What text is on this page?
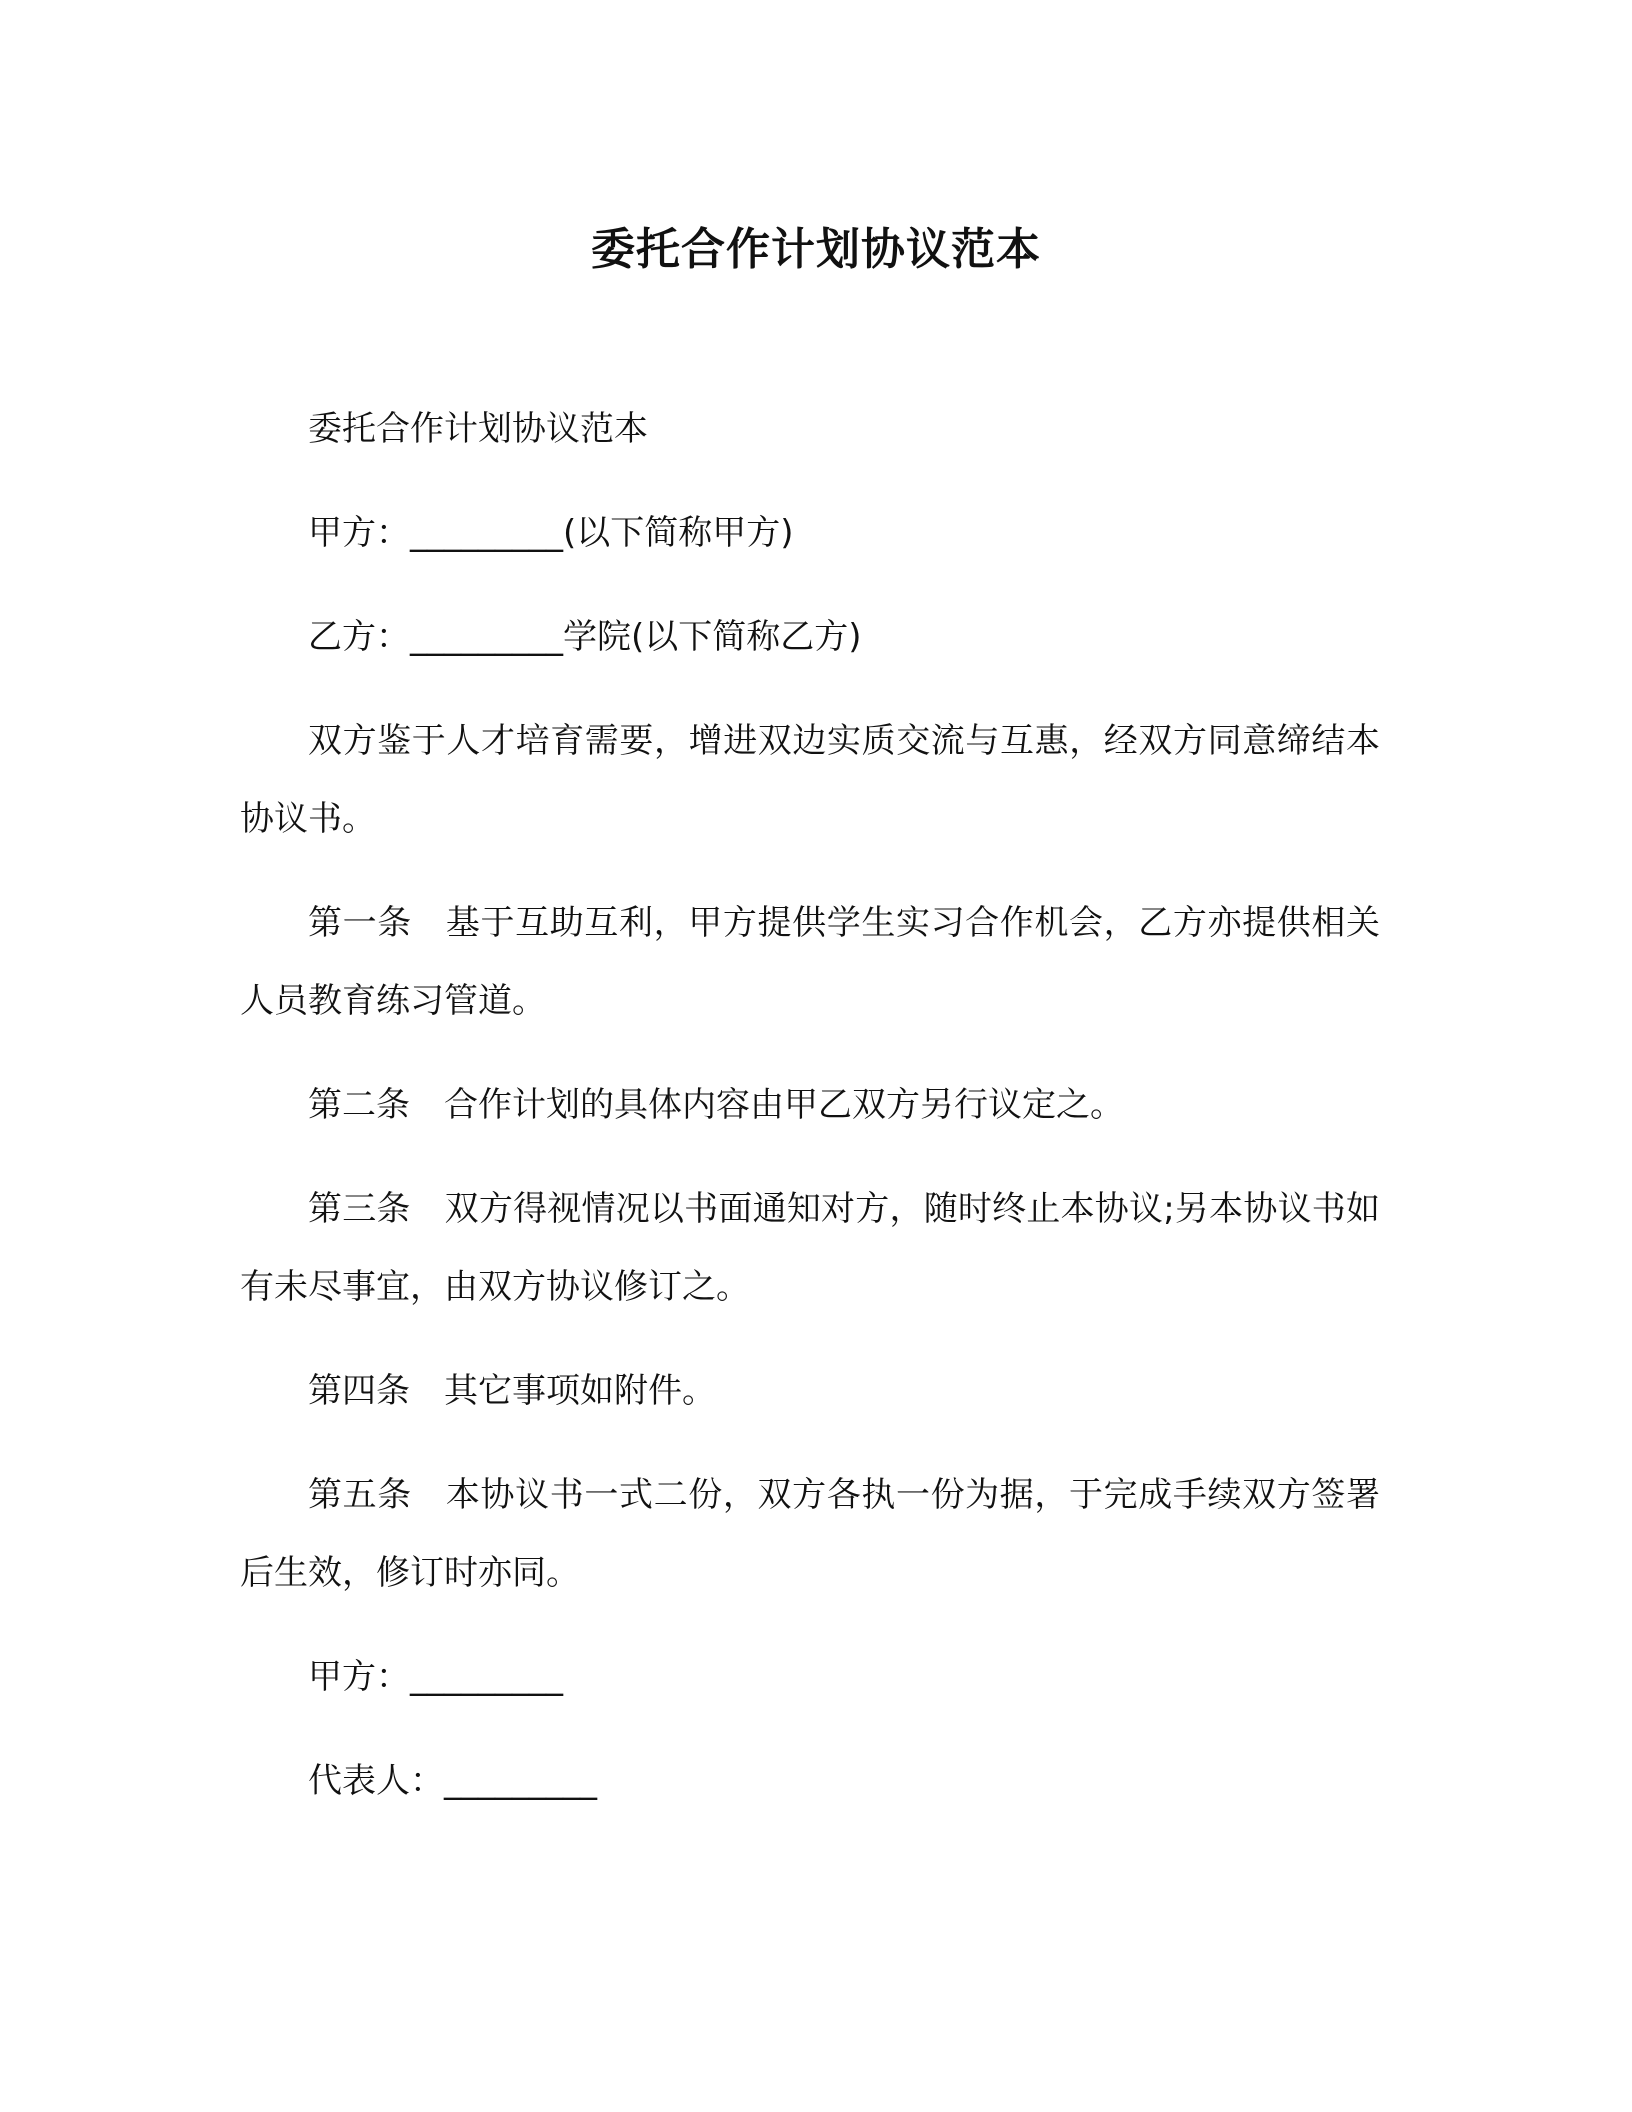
委托合作计划协议范本

委托合作计划协议范本

甲方：_________(以下简称甲方)

乙方：_________学院(以下简称乙方)

双方鉴于人才培育需要，增进双边实质交流与互惠，经双方同意缔结本协议书。

第一条 基于互助互利，甲方提供学生实习合作机会，乙方亦提供相关人员教育练习管道。

第二条 合作计划的具体内容由甲乙双方另行议定之。

第三条 双方得视情况以书面通知对方，随时终止本协议;另本协议书如有未尽事宜，由双方协议修订之。

第四条 其它事项如附件。

第五条 本协议书一式二份，双方各执一份为据，于完成手续双方签署后生效，修订时亦同。

甲方：_________

代表人：_________
